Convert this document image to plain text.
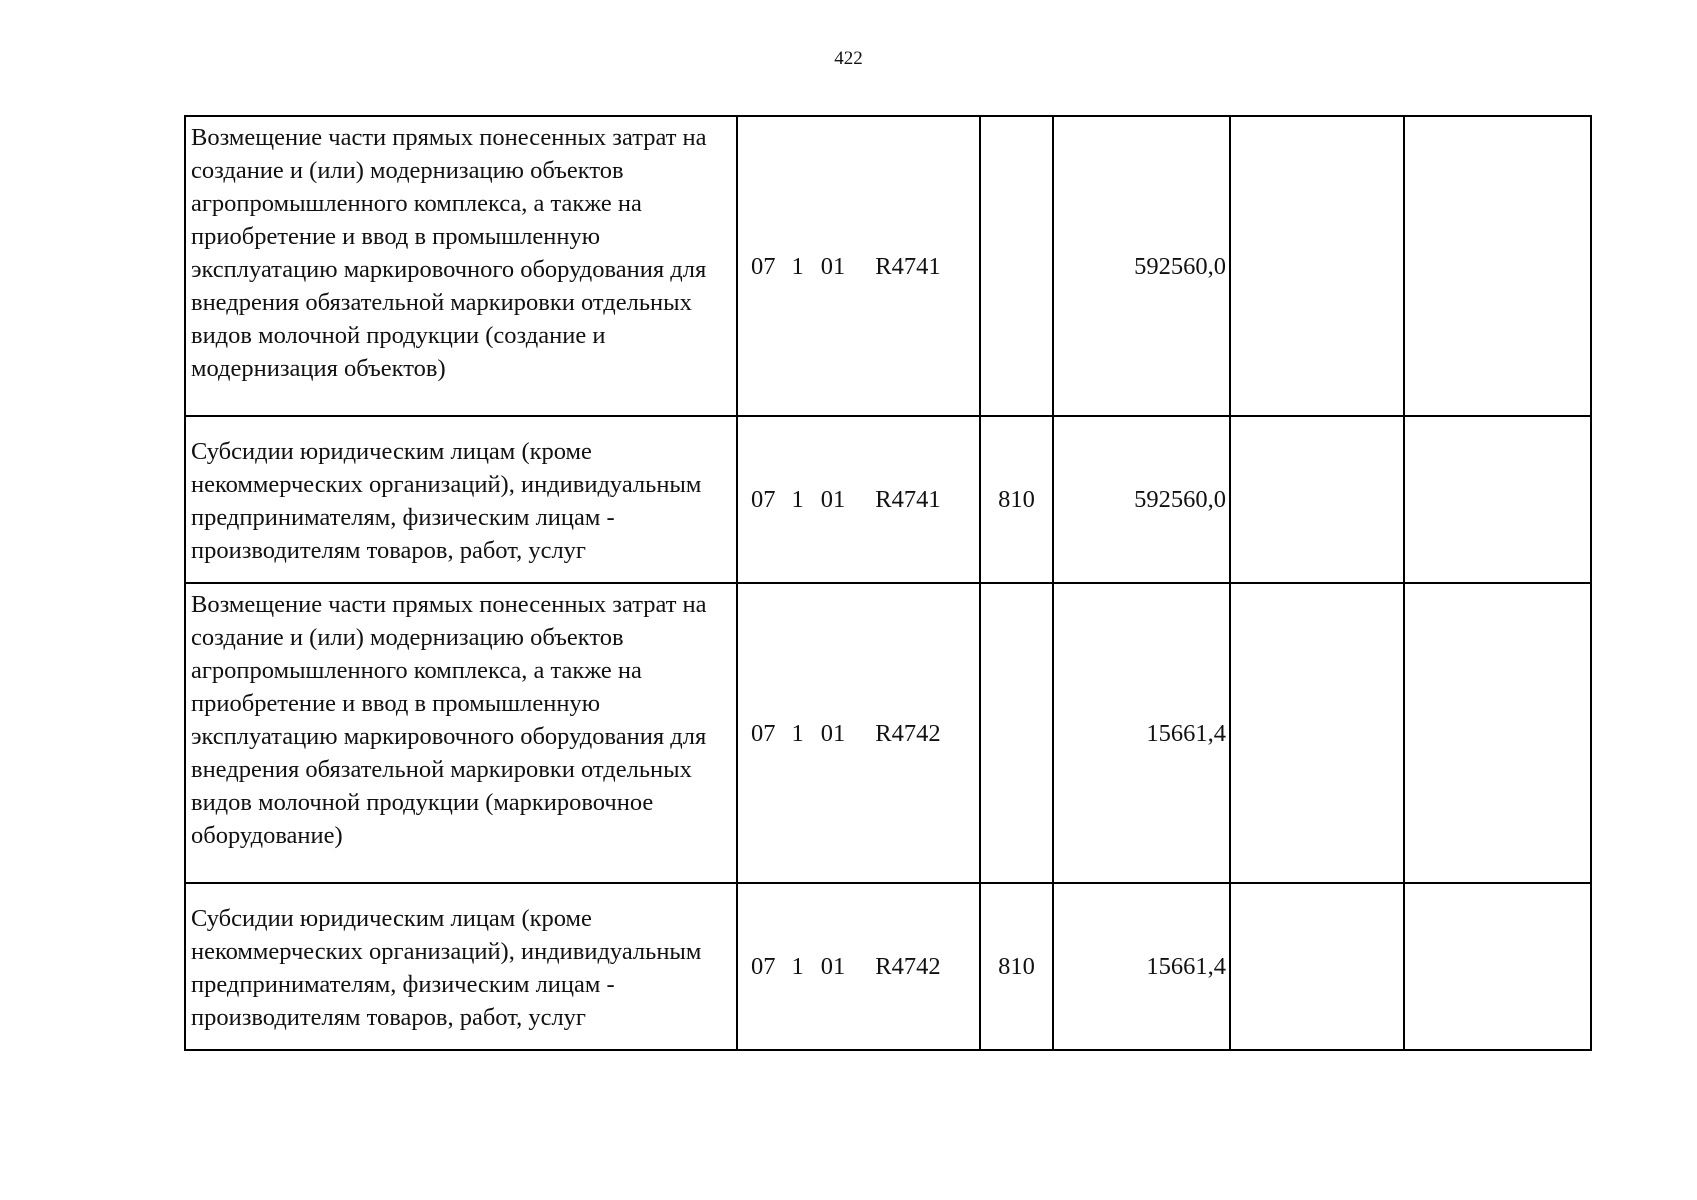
422
Возмещение части прямых понесенных затрат на создание и (или) модернизацию объектов агропромышленного комплекса, а также на приобретение и ввод в промышленную эксплуатацию маркировочного оборудования для внедрения обязательной маркировки отдельных видов молочной продукции (создание и модернизация объектов)	07 1 01 R4741		592560,0		
Субсидии юридическим лицам (кроме некоммерческих организаций), индивидуальным предпринимателям, физическим лицам - производителям товаров, работ, услуг	07 1 01 R4741	810	592560,0		
Возмещение части прямых понесенных затрат на создание и (или) модернизацию объектов агропромышленного комплекса, а также на приобретение и ввод в промышленную эксплуатацию маркировочного оборудования для внедрения обязательной маркировки отдельных видов молочной продукции (маркировочное оборудование)	07 1 01 R4742		15661,4		
Субсидии юридическим лицам (кроме некоммерческих организаций), индивидуальным предпринимателям, физическим лицам - производителям товаров, работ, услуг	07 1 01 R4742	810	15661,4		
